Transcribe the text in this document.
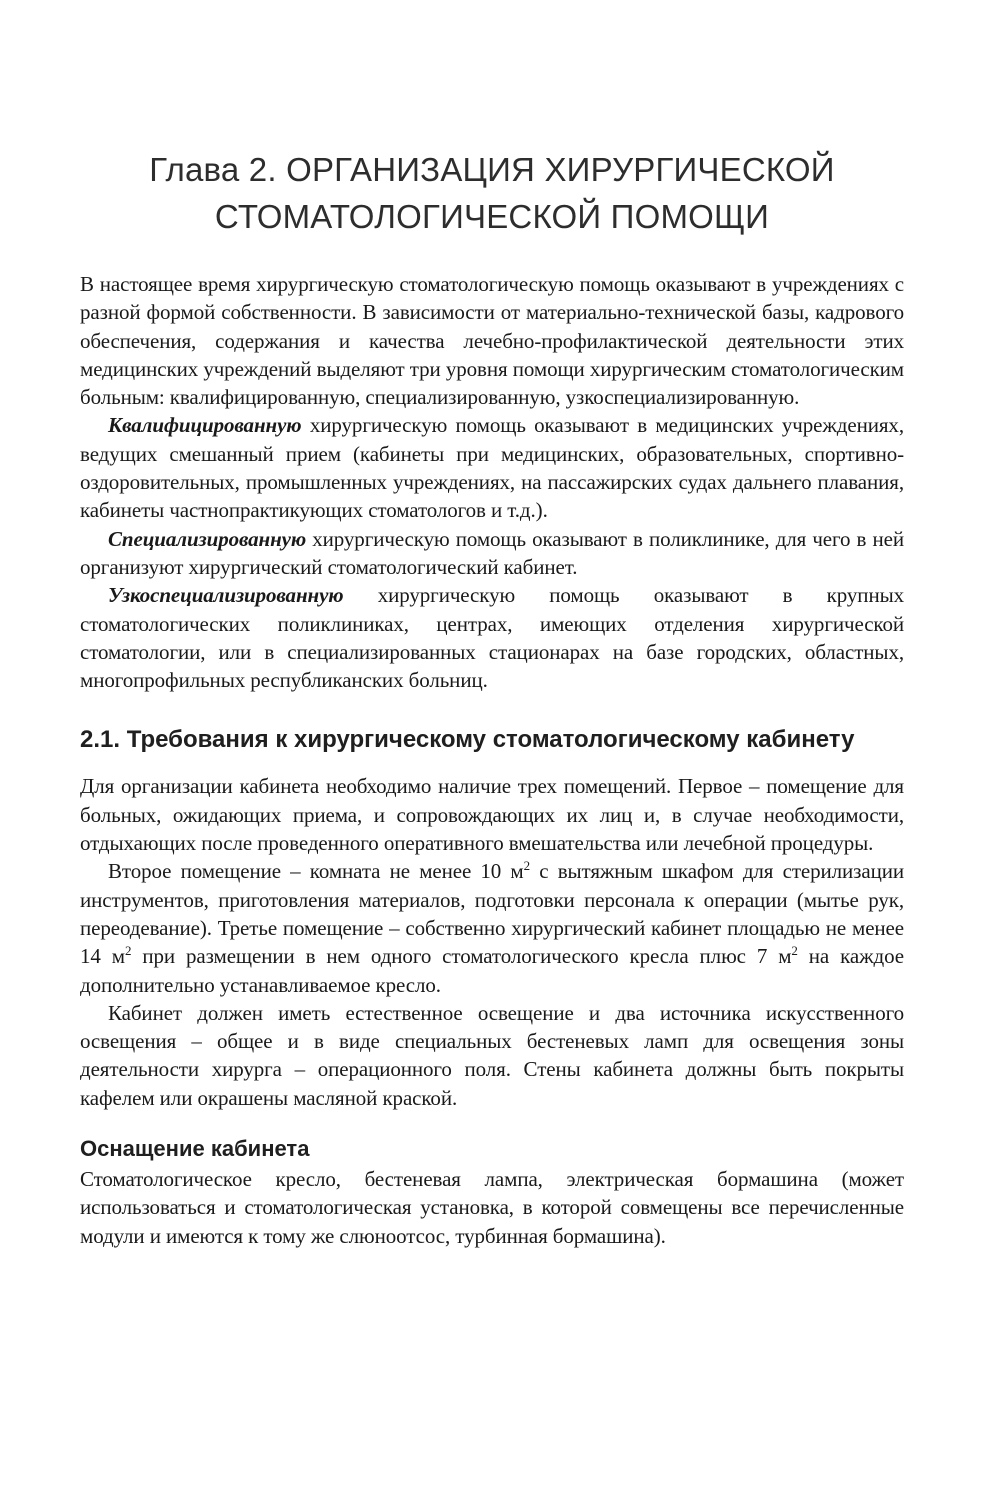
Глава 2. ОРГАНИЗАЦИЯ ХИРУРГИЧЕСКОЙ
СТОМАТОЛОГИЧЕСКОЙ ПОМОЩИ

В настоящее время хирургическую стоматологическую помощь оказывают в учреждениях с разной формой собственности. В зависимости от материально-технической базы, кадрового обеспечения, содержания и качества лечебно-профилактической деятельности этих медицинских учреждений выделяют три уровня помощи хирургическим стоматологическим больным: квалифицированную, специализированную, узкоспециализированную.

Квалифицированную хирургическую помощь оказывают в медицинских учреждениях, ведущих смешанный прием (кабинеты при медицинских, образовательных, спортивно-оздоровительных, промышленных учреждениях, на пассажирских судах дальнего плавания, кабинеты частнопрактикующих стоматологов и т.д.).

Специализированную хирургическую помощь оказывают в поликлинике, для чего в ней организуют хирургический стоматологический кабинет.

Узкоспециализированную хирургическую помощь оказывают в крупных стоматологических поликлиниках, центрах, имеющих отделения хирургической стоматологии, или в специализированных стационарах на базе городских, областных, многопрофильных республиканских больниц.

2.1. Требования к хирургическому стоматологическому кабинету

Для организации кабинета необходимо наличие трех помещений. Первое – помещение для больных, ожидающих приема, и сопровождающих их лиц и, в случае необходимости, отдыхающих после проведенного оперативного вмешательства или лечебной процедуры.

Второе помещение – комната не менее 10 $м^2$ с вытяжным шкафом для стерилизации инструментов, приготовления материалов, подготовки персонала к операции (мытье рук, переодевание). Третье помещение – собственно хирургический кабинет площадью не менее 14 $м^2$ при размещении в нем одного стоматологического кресла плюс 7 $м^2$ на каждое дополнительно устанавливаемое кресло.

Кабинет должен иметь естественное освещение и два источника искусственного освещения – общее и в виде специальных бестеневых ламп для освещения зоны деятельности хирурга – операционного поля. Стены кабинета должны быть покрыты кафелем или окрашены масляной краской.

Оснащение кабинета

Стоматологическое кресло, бестеневая лампа, электрическая бормашина (может использоваться и стоматологическая установка, в которой совмещены все перечисленные модули и имеются к тому же слюноотсос, турбинная бормашина).
